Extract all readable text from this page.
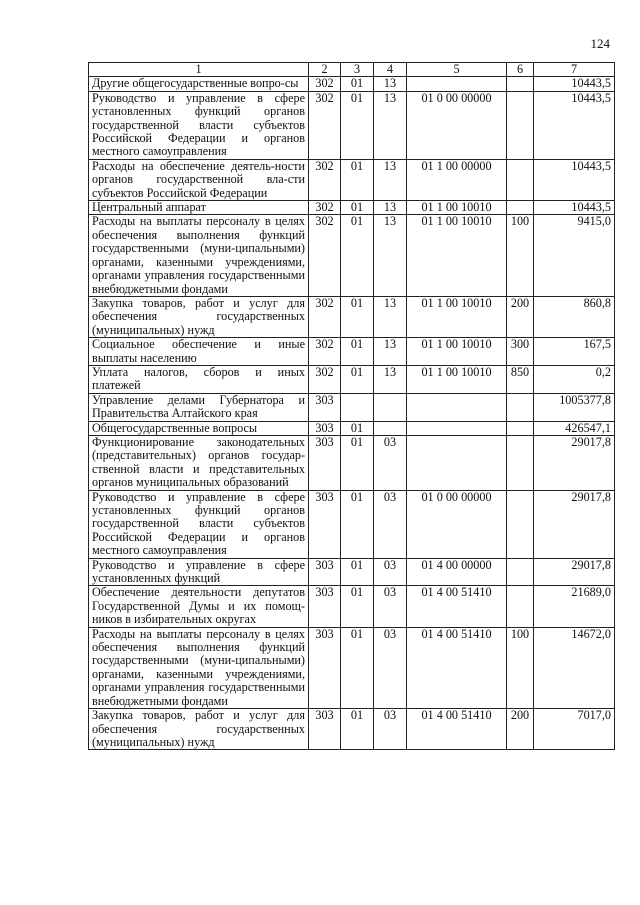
124
1	2	3	4	5	6	7
Другие общегосударственные вопро-сы	302	01	13			10443,5
Руководство и управление в сфере установленных функций органов государственной власти субъектов Российской Федерации и органов местного самоуправления	302	01	13	01 0 00 00000		10443,5
Расходы на обеспечение деятель-ности органов государственной вла-сти субъектов Российской Федерации	302	01	13	01 1 00 00000		10443,5
Центральный аппарат	302	01	13	01 1 00 10010		10443,5
Расходы на выплаты персоналу в целях обеспечения выполнения функций государственными (муни-ципальными) органами, казенными учреждениями, органами управления государственными внебюджетными фондами	302	01	13	01 1 00 10010	100	9415,0
Закупка товаров, работ и услуг для обеспечения государственных (муниципальных) нужд	302	01	13	01 1 00 10010	200	860,8
Социальное обеспечение и иные выплаты населению	302	01	13	01 1 00 10010	300	167,5
Уплата налогов, сборов и иных платежей	302	01	13	01 1 00 10010	850	0,2
Управление делами Губернатора и Правительства Алтайского края	303					1005377,8
Общегосударственные вопросы	303	01				426547,1
Функционирование законодательных (представительных) органов государ-ственной власти и представительных органов муниципальных образований	303	01	03			29017,8
Руководство и управление в сфере установленных функций органов государственной власти субъектов Российской Федерации и органов местного самоуправления	303	01	03	01 0 00 00000		29017,8
Руководство и управление в сфере установленных функций	303	01	03	01 4 00 00000		29017,8
Обеспечение деятельности депутатов Государственной Думы и их помощ-ников в избирательных округах	303	01	03	01 4 00 51410		21689,0
Расходы на выплаты персоналу в целях обеспечения выполнения функций государственными (муни-ципальными) органами, казенными учреждениями, органами управления государственными внебюджетными фондами	303	01	03	01 4 00 51410	100	14672,0
Закупка товаров, работ и услуг для обеспечения государственных (муниципальных) нужд	303	01	03	01 4 00 51410	200	7017,0
